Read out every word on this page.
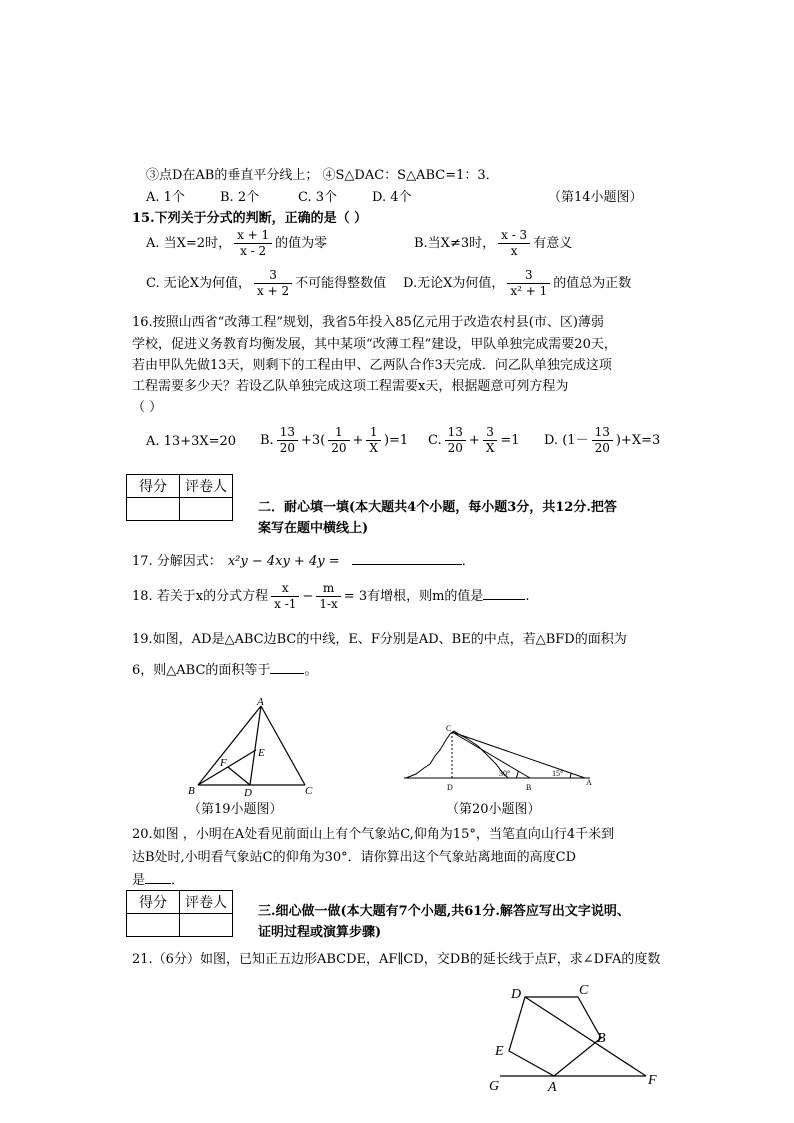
③点D在AB的垂直平分线上； ④S△DAC：S△ABC=1：3．
A. 1个	B. 2个	C. 3个	D. 4个	（第14小题图）
15.下列关于分式的判断，正确的是（ ）
A. 当X=2时， $\frac{x + 1}{x - 2}$ 的值为零	B.当X≠3时， $\frac{x - 3}{x}$ 有意义
C. 无论X为何值， $\frac{3}{x + 2}$ 不可能得整数值 D.无论X为何值， $\frac{3}{\text{x² + 1}}$ 的值总为正数
16.按照山西省“改薄工程”规划，我省5年投入85亿元用于改造农村县(市、区)薄弱
学校，促进义务教育均衡发展，其中某项“改薄工程”建设，甲队单独完成需要20天，
若由甲队先做13天，则剩下的工程由甲、乙两队合作3天完成．问乙队单独完成这项
工程需要多少天？若设乙队单独完成这项工程需要x天，根据题意可列方程为
（ ）
A. 13+3X=20 B. $\frac{13}{20} +3( \frac{1}{20} + \frac{1}{X} )=1$ C. $\frac{13}{20} + \frac{3}{X} =1$ D. $(1- \frac{13}{20} )+X=3$
得分	评卷人

二．耐心填一填(本大题共4个小题，每小题3分，共12分.把答
案写在题中横线上)
17. 分解因式： x²y − 4xy + 4y =	．
18. 若关于x的分式方程 $\frac{x}{x -1} - \frac{m}{1-x} = 3$有增根，则m的值是	.
19.如图，AD是△ABC边BC的中线，E、F分别是AD、BE的中点，若△BFD的面积为
6，则△ABC的面积等于	。
A
B	C
D
E
F
（第19小题图）
C
D	B
A
30°	15°
（第20小题图）
20.如图 ，小明在A处看见前面山上有个气象站C,仰角为15°，当笔直向山行4千米到
达B处时,小明看气象站C的仰角为30°．请你算出这个气象站离地面的高度CD
是 ．
得分	评卷人

三.细心做一做(本大题有7个小题,共61分.解答应写出文字说明、
证明过程或演算步骤)
21.（6分）如图，已知正五边形ABCDE，AF∥CD，交DB的延长线于点F，求∠DFA的度数
D	C
B
E
G	A	F
